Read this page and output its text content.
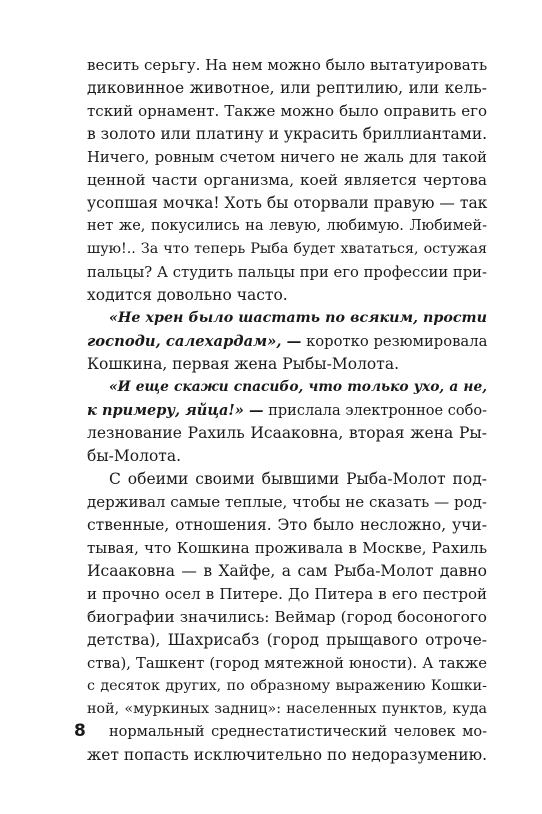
весить серьгу. На нем можно было вытатуировать
диковинное животное, или рептилию, или кель-
тский орнамент. Также можно было оправить его
в золото или платину и украсить бриллиантами.
Ничего, ровным счетом ничего не жаль для такой
ценной части организма, коей является чертова
усопшая мочка! Хоть бы оторвали правую — так
нет же, покусились на левую, любимую. Любимей-
шую!.. За что теперь Рыба будет хвататься, остужая
пальцы? А студить пальцы при его профессии при-
ходится довольно часто.
«Не хрен было шастать по всяким, прости
господи, салехардам», — коротко резюмировала
Кошкина, первая жена Рыбы-Молота.
«И еще скажи спасибо, что только ухо, а не,
к примеру, яйца!» — прислала электронное собо-
лезнование Рахиль Исааковна, вторая жена Ры-
бы-Молота.
С обеими своими бывшими Рыба-Молот под-
держивал самые теплые, чтобы не сказать — род-
ственные, отношения. Это было несложно, учи-
тывая, что Кошкина проживала в Москве, Рахиль
Исааковна — в Хайфе, а сам Рыба-Молот давно
и прочно осел в Питере. До Питера в его пестрой
биографии значились: Веймар (город босоногого
детства), Шахрисабз (город прыщавого отроче-
ства), Ташкент (город мятежной юности). А также
с десяток других, по образному выражению Кошки-
ной, «муркиных задниц»: населенных пунктов, куда
нормальный среднестатистический человек мо-
жет попасть исключительно по недоразумению.
8
